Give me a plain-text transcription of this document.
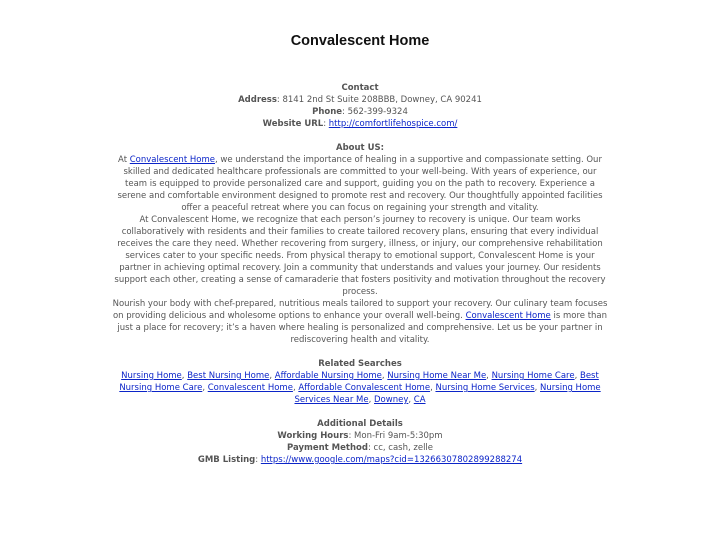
Convalescent Home

Contact

Address: 8141 2nd St Suite 208BBB, Downey, CA 90241

Phone: 562-399-9324

Website URL: http://comfortlifehospice.com/

About US:

At Convalescent Home, we understand the importance of healing in a supportive and compassionate setting. Our skilled and dedicated healthcare professionals are committed to your well-being. With years of experience, our team is equipped to provide personalized care and support, guiding you on the path to recovery. Experience a serene and comfortable environment designed to promote rest and recovery. Our thoughtfully appointed facilities offer a peaceful retreat where you can focus on regaining your strength and vitality.

At Convalescent Home, we recognize that each person’s journey to recovery is unique. Our team works collaboratively with residents and their families to create tailored recovery plans, ensuring that every individual receives the care they need. Whether recovering from surgery, illness, or injury, our comprehensive rehabilitation services cater to your specific needs. From physical therapy to emotional support, Convalescent Home is your partner in achieving optimal recovery. Join a community that understands and values your journey. Our residents support each other, creating a sense of camaraderie that fosters positivity and motivation throughout the recovery process.

Nourish your body with chef-prepared, nutritious meals tailored to support your recovery. Our culinary team focuses on providing delicious and wholesome options to enhance your overall well-being. Convalescent Home is more than just a place for recovery; it’s a haven where healing is personalized and comprehensive. Let us be your partner in rediscovering health and vitality.

Related Searches

Nursing Home, Best Nursing Home, Affordable Nursing Home, Nursing Home Near Me, Nursing Home Care, Best Nursing Home Care, Convalescent Home, Affordable Convalescent Home, Nursing Home Services, Nursing Home Services Near Me, Downey, CA

Additional Details

Working Hours: Mon-Fri 9am-5:30pm

Payment Method: cc, cash, zelle

GMB Listing: https://www.google.com/maps?cid=13266307802899288274
